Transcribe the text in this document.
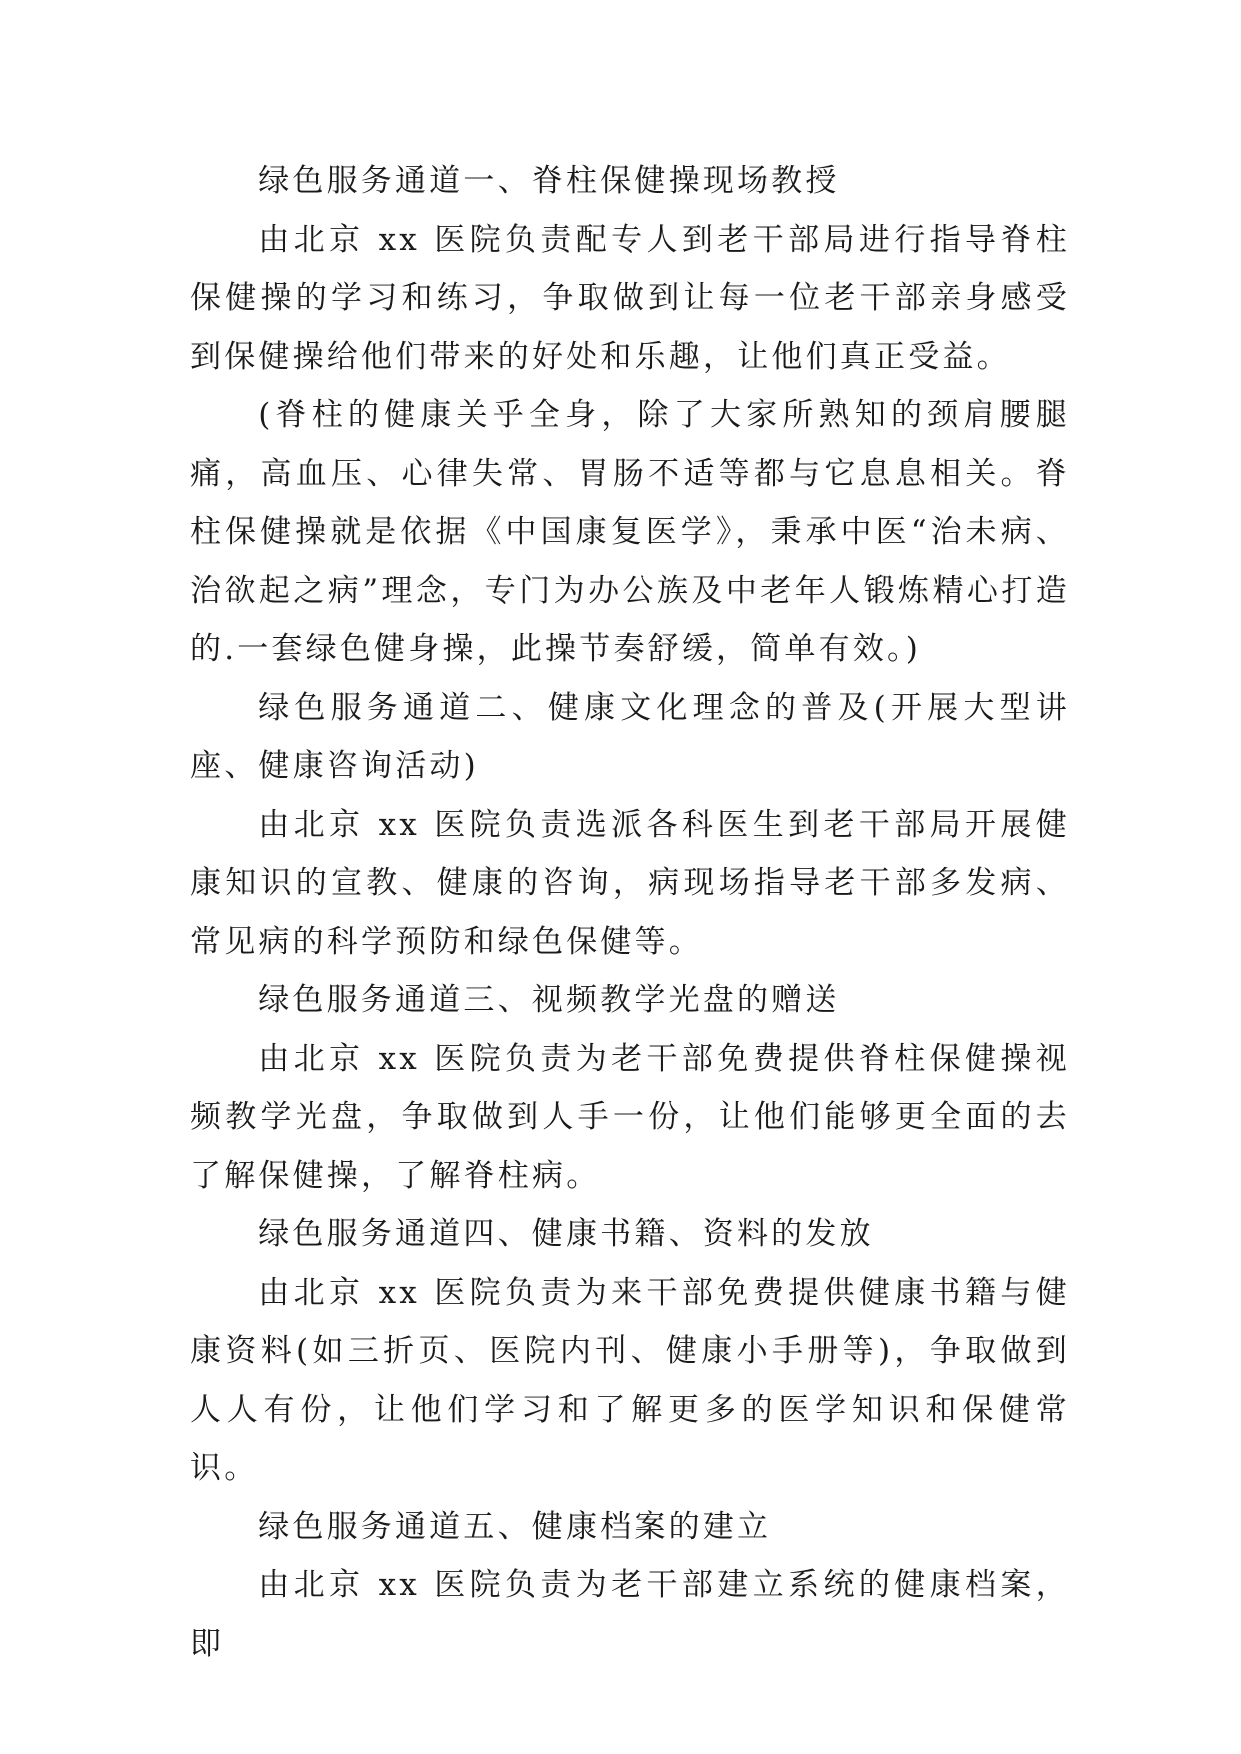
绿色服务通道一、脊柱保健操现场教授

由北京 xx 医院负责配专人到老干部局进行指导脊柱保健操的学习和练习，争取做到让每一位老干部亲身感受到保健操给他们带来的好处和乐趣，让他们真正受益。

(脊柱的健康关乎全身，除了大家所熟知的颈肩腰腿痛，高血压、心律失常、胃肠不适等都与它息息相关。脊柱保健操就是依据《中国康复医学》，秉承中医“治未病、治欲起之病”理念，专门为办公族及中老年人锻炼精心打造的.一套绿色健身操，此操节奏舒缓，简单有效。)

绿色服务通道二、健康文化理念的普及(开展大型讲座、健康咨询活动)

由北京 xx 医院负责选派各科医生到老干部局开展健康知识的宣教、健康的咨询，病现场指导老干部多发病、常见病的科学预防和绿色保健等。

绿色服务通道三、视频教学光盘的赠送

由北京 xx 医院负责为老干部免费提供脊柱保健操视频教学光盘，争取做到人手一份，让他们能够更全面的去了解保健操，了解脊柱病。

绿色服务通道四、健康书籍、资料的发放

由北京 xx 医院负责为来干部免费提供健康书籍与健康资料(如三折页、医院内刊、健康小手册等)，争取做到人人有份，让他们学习和了解更多的医学知识和保健常识。

绿色服务通道五、健康档案的建立

由北京 xx 医院负责为老干部建立系统的健康档案，即
